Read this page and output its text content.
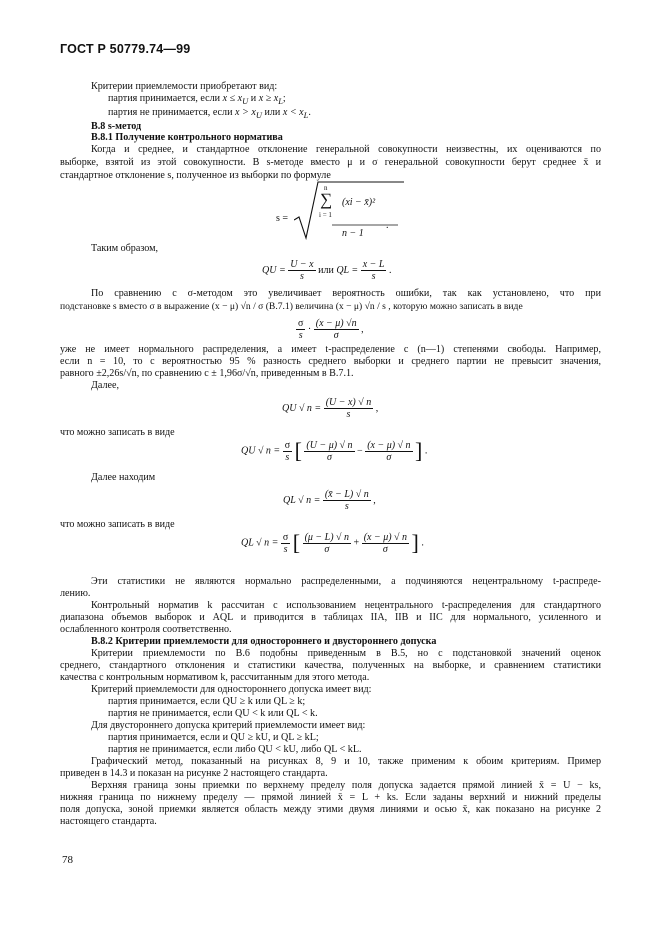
ГОСТ Р 50779.74—99
Критерии приемлемости приобретают вид:
партия принимается, если $x \le x_U$ и $x \ge x_L$;
партия не принимается, если $x > x_U$ или $x < x_L$.
В.8 s-метод
В.8.1 Получение контрольного норматива
Когда и среднее, и стандартное отклонение генеральной совокупности неизвестны, их оцениваются по
выборке, взятой из этой совокупности. В s-методе вместо μ и σ генеральной совокупности берут среднее x̄ и
стандартное отклонение s, полученное из выборки по формуле
s =
n
∑
i = 1
(xi − x̄)²
n − 1
.
Таким образом,
QU = $\frac{U - x}{s}$ или QL = $\frac{x - L}{s}$ .
По сравнению с σ-методом это увеличивает вероятность ошибки, так как установлено, что при
подстановке s вместо σ в выражение (x − μ) √n / σ (В.7.1) величина (x − μ) √n / s , которую можно записать в виде
$\frac{\sigma}{s} \cdot \frac{(x - \mu) √n}{\sigma}$ ,
уже не имеет нормального распределения, а имеет t-распределение с (n—1) степенями свободы. Например,
если n = 10, то с вероятностью 95 % разность среднего выборки и среднего партии не превысит значения,
равного ±2,26s/√n, по сравнению с ± 1,96σ/√n, приведенным в В.7.1.
Далее,
QU √ $n = \frac{(U - x) √ n}{s}$ ,
что можно записать в виде
QU √ $n = \frac{\sigma}{s}$ [ $\frac{(U - \mu) √ n}{\sigma} - \frac{(x - \mu) √ n}{\sigma}$ ] .
Далее находим
QL √ $n = \frac{(x̄ - L) √ n}{s}$ ,
что можно записать в виде
QL √ $n = \frac{\sigma}{s}$ [ $\frac{(\mu - L) √ n}{\sigma} + \frac{(x - \mu) √ n}{\sigma}$ ] .
Эти статистики не являются нормально распределенными, а подчиняются нецентральному t-распреде-
лению.
Контрольный норматив k рассчитан с использованием нецентрального t-распределения для стандартного
диапазона объемов выборок и AQL и приводится в таблицах IIA, IIB и IIC для нормального, усиленного и
ослабленного контроля соответственно.
В.8.2 Критерии приемлемости для одностороннего и двустороннего допуска
Критерии приемлемости по В.6 подобны приведенным в В.5, но с подстановкой значений оценок
среднего, стандартного отклонения и статистики качества, полученных на выборке, и сравнением статистики
качества с контрольным нормативом k, рассчитанным для этого метода.
Критерий приемлемости для одностороннего допуска имеет вид:
партия принимается, если QU ≥ k или QL ≥ k;
партия не принимается, если QU < k или QL < k.
Для двустороннего допуска критерий приемлемости имеет вид:
партия принимается, если и QU ≥ kU, и QL ≥ kL;
партия не принимается, если либо QU < kU, либо QL < kL.
Графический метод, показанный на рисунках 8, 9 и 10, также применим к обоим критериям. Пример
приведен в 14.3 и показан на рисунке 2 настоящего стандарта.
Верхняя граница зоны приемки по верхнему пределу поля допуска задается прямой линией x̄ = U − ks,
нижняя граница по нижнему пределу — прямой линией x̄ = L + ks. Если заданы верхний и нижний пределы
поля допуска, зоной приемки является область между этими двумя линиями и осью x̄, как показано на рисунке 2
настоящего стандарта.
78
